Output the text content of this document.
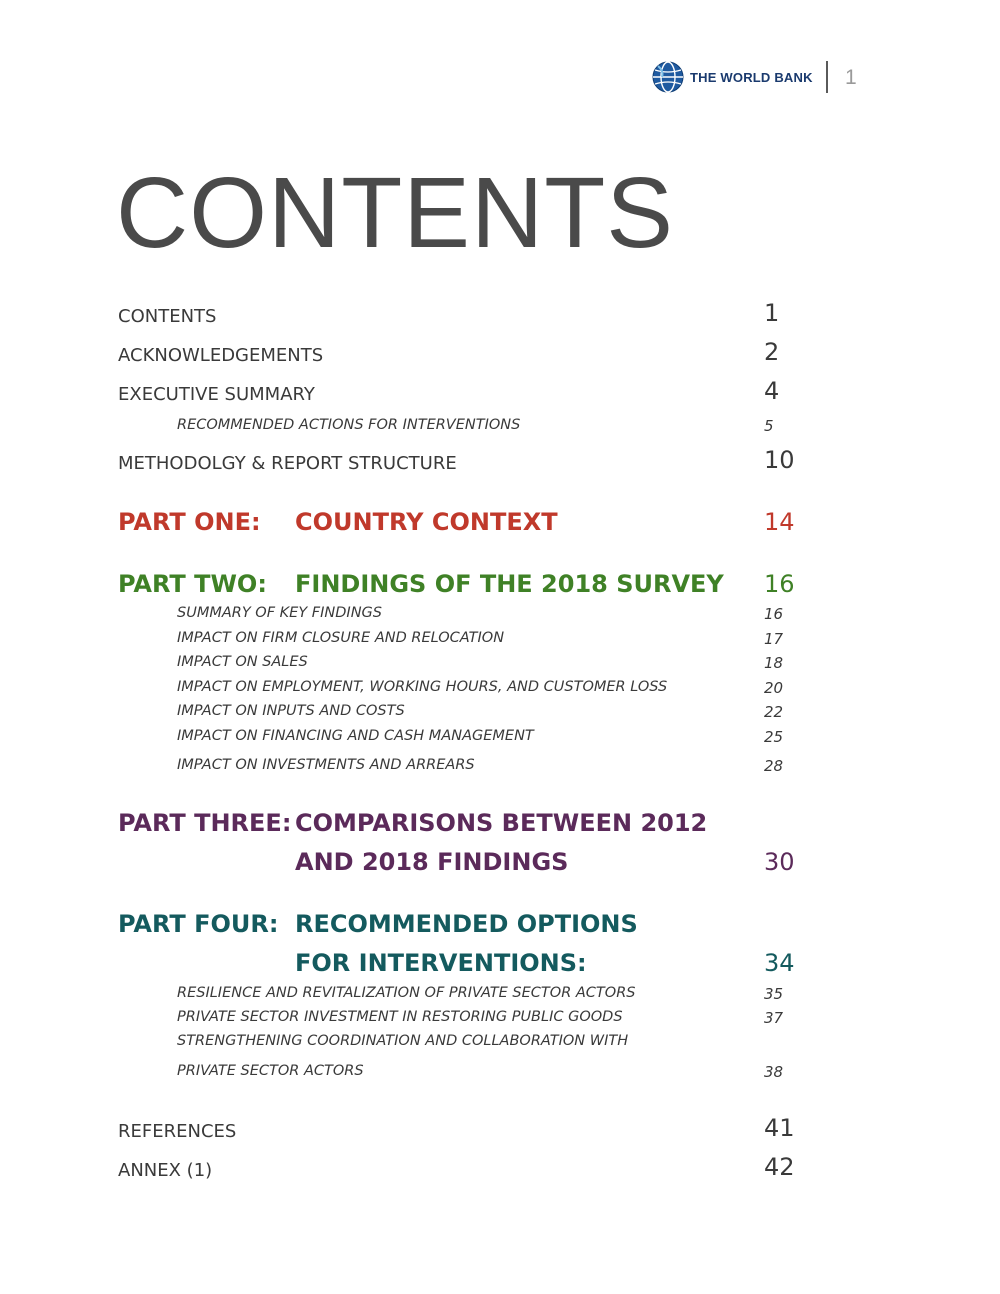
THE WORLD BANK 1
CONTENTS
CONTENTS	1
ACKNOWLEDGEMENTS	2
EXECUTIVE SUMMARY	4
RECOMMENDED ACTIONS FOR INTERVENTIONS	5
METHODOLGY & REPORT STRUCTURE	10
PART ONE: COUNTRY CONTEXT	14
PART TWO: FINDINGS OF THE 2018 SURVEY 16
SUMMARY OF KEY FINDINGS	16
IMPACT ON FIRM CLOSURE AND RELOCATION	17
IMPACT ON SALES	18
IMPACT ON EMPLOYMENT, WORKING HOURS, AND CUSTOMER LOSS	20
IMPACT ON INPUTS AND COSTS	22
IMPACT ON FINANCING AND CASH MANAGEMENT	25
IMPACT ON INVESTMENTS AND ARREARS	28
PART THREE: COMPARISONS BETWEEN 2012
AND 2018 FINDINGS	30
PART FOUR: RECOMMENDED OPTIONS
FOR INTERVENTIONS:	34
RESILIENCE AND REVITALIZATION OF PRIVATE SECTOR ACTORS	35
PRIVATE SECTOR INVESTMENT IN RESTORING PUBLIC GOODS	37
STRENGTHENING COORDINATION AND COLLABORATION WITH
PRIVATE SECTOR ACTORS	38
REFERENCES	41
ANNEX (1)	42
